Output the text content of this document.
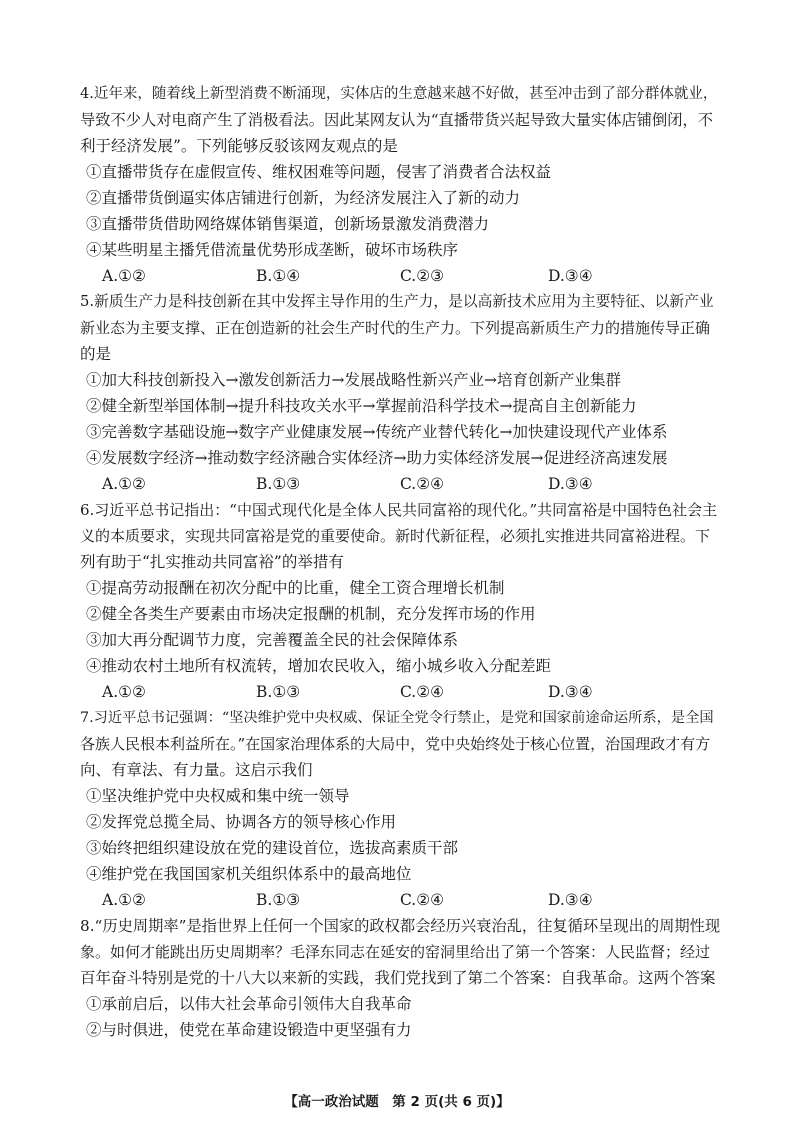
4.近年来，随着线上新型消费不断涌现，实体店的生意越来越不好做，甚至冲击到了部分群体就业，
导致不少人对电商产生了消极看法。因此某网友认为“直播带货兴起导致大量实体店铺倒闭，不
利于经济发展”。下列能够反驳该网友观点的是
①直播带货存在虚假宣传、维权困难等问题，侵害了消费者合法权益
②直播带货倒逼实体店铺进行创新，为经济发展注入了新的动力
③直播带货借助网络媒体销售渠道，创新场景激发消费潜力
④某些明星主播凭借流量优势形成垄断，破坏市场秩序
A.①②	B.①④	C.②③	D.③④
5.新质生产力是科技创新在其中发挥主导作用的生产力，是以高新技术应用为主要特征、以新产业
新业态为主要支撑、正在创造新的社会生产时代的生产力。下列提高新质生产力的措施传导正确
的是
①加大科技创新投入→激发创新活力→发展战略性新兴产业→培育创新产业集群
②健全新型举国体制→提升科技攻关水平→掌握前沿科学技术→提高自主创新能力
③完善数字基础设施→数字产业健康发展→传统产业替代转化→加快建设现代产业体系
④发展数字经济→推动数字经济融合实体经济→助力实体经济发展→促进经济高速发展
A.①②	B.①③	C.②④	D.③④
6.习近平总书记指出：“中国式现代化是全体人民共同富裕的现代化。”共同富裕是中国特色社会主
义的本质要求，实现共同富裕是党的重要使命。新时代新征程，必须扎实推进共同富裕进程。下
列有助于“扎实推动共同富裕”的举措有
①提高劳动报酬在初次分配中的比重，健全工资合理增长机制
②健全各类生产要素由市场决定报酬的机制，充分发挥市场的作用
③加大再分配调节力度，完善覆盖全民的社会保障体系
④推动农村土地所有权流转，增加农民收入，缩小城乡收入分配差距
A.①②	B.①③	C.②④	D.③④
7.习近平总书记强调：“坚决维护党中央权威、保证全党令行禁止，是党和国家前途命运所系，是全国
各族人民根本利益所在。”在国家治理体系的大局中，党中央始终处于核心位置，治国理政才有方
向、有章法、有力量。这启示我们
①坚决维护党中央权威和集中统一领导
②发挥党总揽全局、协调各方的领导核心作用
③始终把组织建设放在党的建设首位，选拔高素质干部
④维护党在我国国家机关组织体系中的最高地位
A.①②	B.①③	C.②④	D.③④
8.“历史周期率”是指世界上任何一个国家的政权都会经历兴衰治乱，往复循环呈现出的周期性现
象。如何才能跳出历史周期率？毛泽东同志在延安的窑洞里给出了第一个答案：人民监督；经过
百年奋斗特别是党的十八大以来新的实践，我们党找到了第二个答案：自我革命。这两个答案
①承前启后，以伟大社会革命引领伟大自我革命
②与时俱进，使党在革命建设锻造中更坚强有力
【高一政治试题　第 2 页(共 6 页)】
